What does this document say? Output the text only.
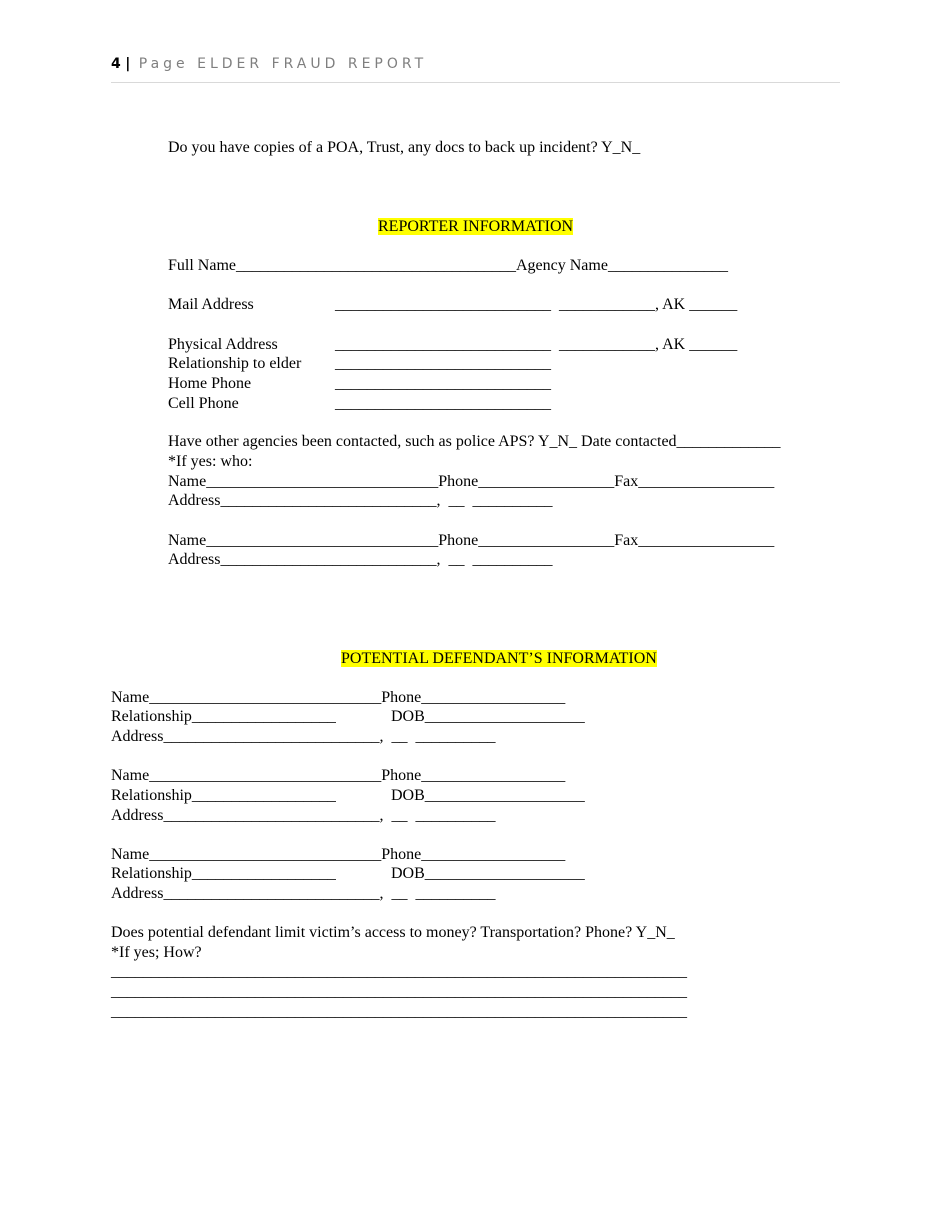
4 | Page ELDER FRAUD REPORT
Do you have copies of a POA, Trust, any docs to back up incident? Y_N_

REPORTER INFORMATION

Full Name___________________________________Agency Name_______________
Mail Address	___________________________  ____________, AK ______
Physical Address	___________________________  ____________, AK ______
Relationship to elder ___________________________
Home Phone	___________________________
Cell Phone	___________________________
Have other agencies been contacted, such as police APS? Y_N_ Date contacted_____________
*If yes: who:
Name_____________________________Phone_________________Fax_________________
Address___________________________,  __  __________
Name_____________________________Phone_________________Fax_________________
Address___________________________,  __  __________

POTENTIAL DEFENDANT’S INFORMATION

Name_____________________________Phone__________________
Relationship__________________	DOB____________________
Address___________________________,  __  __________
Name_____________________________Phone__________________
Relationship__________________	DOB____________________
Address___________________________,  __  __________
Name_____________________________Phone__________________
Relationship__________________	DOB____________________
Address___________________________,  __  __________
Does potential defendant limit victim’s access to money? Transportation? Phone? Y_N_
*If yes; How?
________________________________________________________________________
________________________________________________________________________
________________________________________________________________________
